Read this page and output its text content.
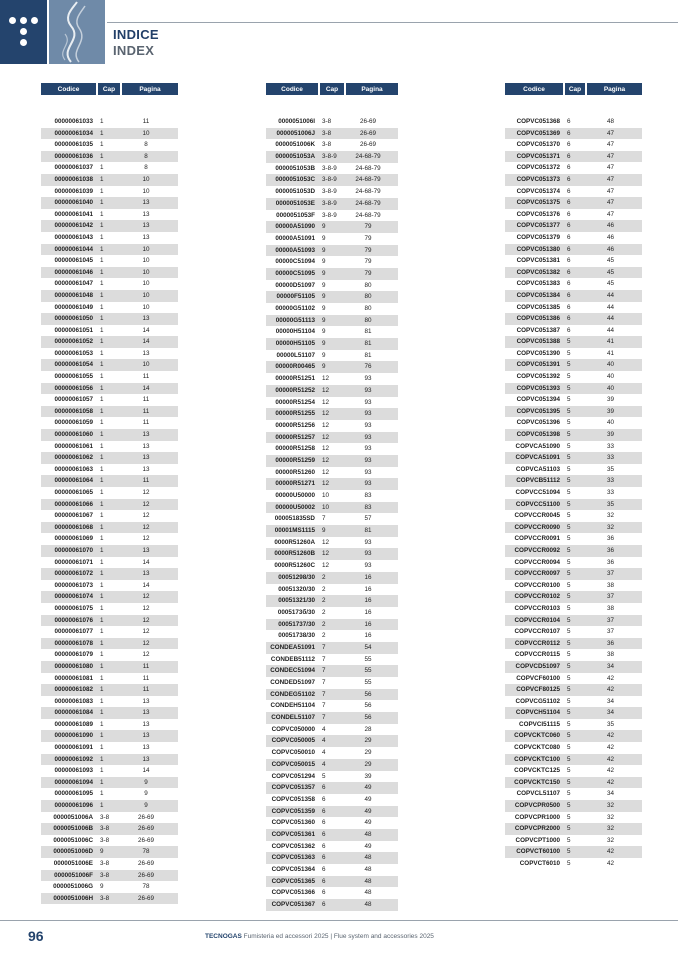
INDICE
INDEX
Codice	Cap	Pagina
00000061033	1	11
00000061034	1	10
00000061035	1	8
00000061036	1	8
00000061037	1	8
00000061038	1	10
00000061039	1	10
00000061040	1	13
00000061041	1	13
00000061042	1	13
00000061043	1	13
00000061044	1	10
00000061045	1	10
00000061046	1	10
00000061047	1	10
00000061048	1	10
00000061049	1	10
00000061050	1	13
00000061051	1	14
00000061052	1	14
00000061053	1	13
00000061054	1	10
00000061055	1	11
00000061056	1	14
00000061057	1	11
00000061058	1	11
00000061059	1	11
00000061060	1	13
00000061061	1	13
00000061062	1	13
00000061063	1	13
00000061064	1	11
00000061065	1	12
00000061066	1	12
00000061067	1	12
00000061068	1	12
00000061069	1	12
00000061070	1	13
00000061071	1	14
00000061072	1	13
00000061073	1	14
00000061074	1	12
00000061075	1	12
00000061076	1	12
00000061077	1	12
00000061078	1	12
00000061079	1	12
00000061080	1	11
00000061081	1	11
00000061082	1	11
00000061083	1	13
00000061084	1	13
00000061089	1	13
00000061090	1	13
00000061091	1	13
00000061092	1	13
00000061093	1	14
00000061094	1	9
00000061095	1	9
00000061096	1	9
0000051006A	3-8	26-69
0000051006B	3-8	26-69
0000051006C	3-8	26-69
0000051006D	9	78
0000051006E	3-8	26-69
0000051006F	3-8	26-69
0000051006G	9	78
0000051006H	3-8	26-69
Codice	Cap	Pagina
0000051006I	3-8	26-69
0000051006J	3-8	26-69
0000051006K	3-8	26-69
0000051053A	3-8-9	24-68-79
0000051053B	3-8-9	24-68-79
0000051053C	3-8-9	24-68-79
0000051053D	3-8-9	24-68-79
0000051053E	3-8-9	24-68-79
0000051053F	3-8-9	24-68-79
00000A51090	9	79
00000A51091	9	79
00000A51093	9	79
00000C51094	9	79
00000C51095	9	79
00000D51097	9	80
00000F51105	9	80
00000G51102	9	80
00000G51113	9	80
00000H51104	9	81
00000H51105	9	81
00000L51107	9	81
00000R00465	9	76
00000R51251	12	93
00000R51252	12	93
00000R51254	12	93
00000R51255	12	93
00000R51256	12	93
00000R51257	12	93
00000R51258	12	93
00000R51259	12	93
00000R51260	12	93
00000R51271	12	93
00000U50000	10	83
00000U50002	10	83
000051835SD	7	57
00001MS1115	9	81
0000R51260A	12	93
0000R51260B	12	93
0000R51260C	12	93
00051298/30	2	16
00051320/30	2	16
00051321/30	2	16
0005173б/30	2	16
00051737/30	2	16
00051738/30	2	16
CONDEA51091	7	54
CONDEB51112	7	55
CONDEC51094	7	55
CONDED51097	7	55
CONDEG51102	7	56
CONDEH51104	7	56
CONDEL51107	7	56
COPVC050000	4	28
COPVC050005	4	29
COPVC050010	4	29
COPVC050015	4	29
COPVC051294	5	39
COPVC051357	6	49
COPVC051358	6	49
COPVC051359	6	49
COPVC051360	6	49
COPVC051361	6	48
COPVC051362	6	49
COPVC051363	6	48
COPVC051364	6	48
COPVC051365	6	48
COPVC051366	6	48
COPVC051367	6	48
Codice	Cap	Pagina
COPVC051368	6	48
COPVC051369	6	47
COPVC051370	6	47
COPVC051371	6	47
COPVC051372	6	47
COPVC051373	6	47
COPVC051374	6	47
COPVC051375	6	47
COPVC051376	6	47
COPVC051377	6	46
COPVC051379	6	46
COPVC051380	6	46
COPVC051381	6	45
COPVC051382	6	45
COPVC051383	6	45
COPVC051384	6	44
COPVC051385	6	44
COPVC051386	6	44
COPVC051387	6	44
COPVC051388	5	41
COPVC051390	5	41
COPVC051391	5	40
COPVC051392	5	40
COPVC051393	5	40
COPVC051394	5	39
COPVC051395	5	39
COPVC051396	5	40
COPVC051398	5	39
COPVCA51090	5	33
COPVCA51091	5	33
COPVCA51103	5	35
COPVCB51112	5	33
COPVCC51094	5	33
COPVCC51100	5	35
COPVCCR0045	5	32
COPVCCR0090	5	32
COPVCCR0091	5	36
COPVCCR0092	5	36
COPVCCR0094	5	36
COPVCCR0097	5	37
COPVCCR0100	5	38
COPVCCR0102	5	37
COPVCCR0103	5	38
COPVCCR0104	5	37
COPVCCR0107	5	37
COPVCCR0112	5	36
COPVCCR0115	5	38
COPVCD51097	5	34
COPVCF60100	5	42
COPVCF80125	5	42
COPVCG51102	5	34
COPVCH51104	5	34
COPVCI51115	5	35
COPVCKTC060	5	42
COPVCKTC080	5	42
COPVCKTC100	5	42
COPVCKTC125	5	42
COPVCKTC150	5	42
COPVCL51107	5	34
COPVCPR0500	5	32
COPVCPR1000	5	32
COPVCPR2000	5	32
COPVCPT1000	5	32
COPVCT60100	5	42
COPVCT6010	5	42
96	TECNOGAS Fumisteria ed accessori 2025 | Flue system and accessories 2025
